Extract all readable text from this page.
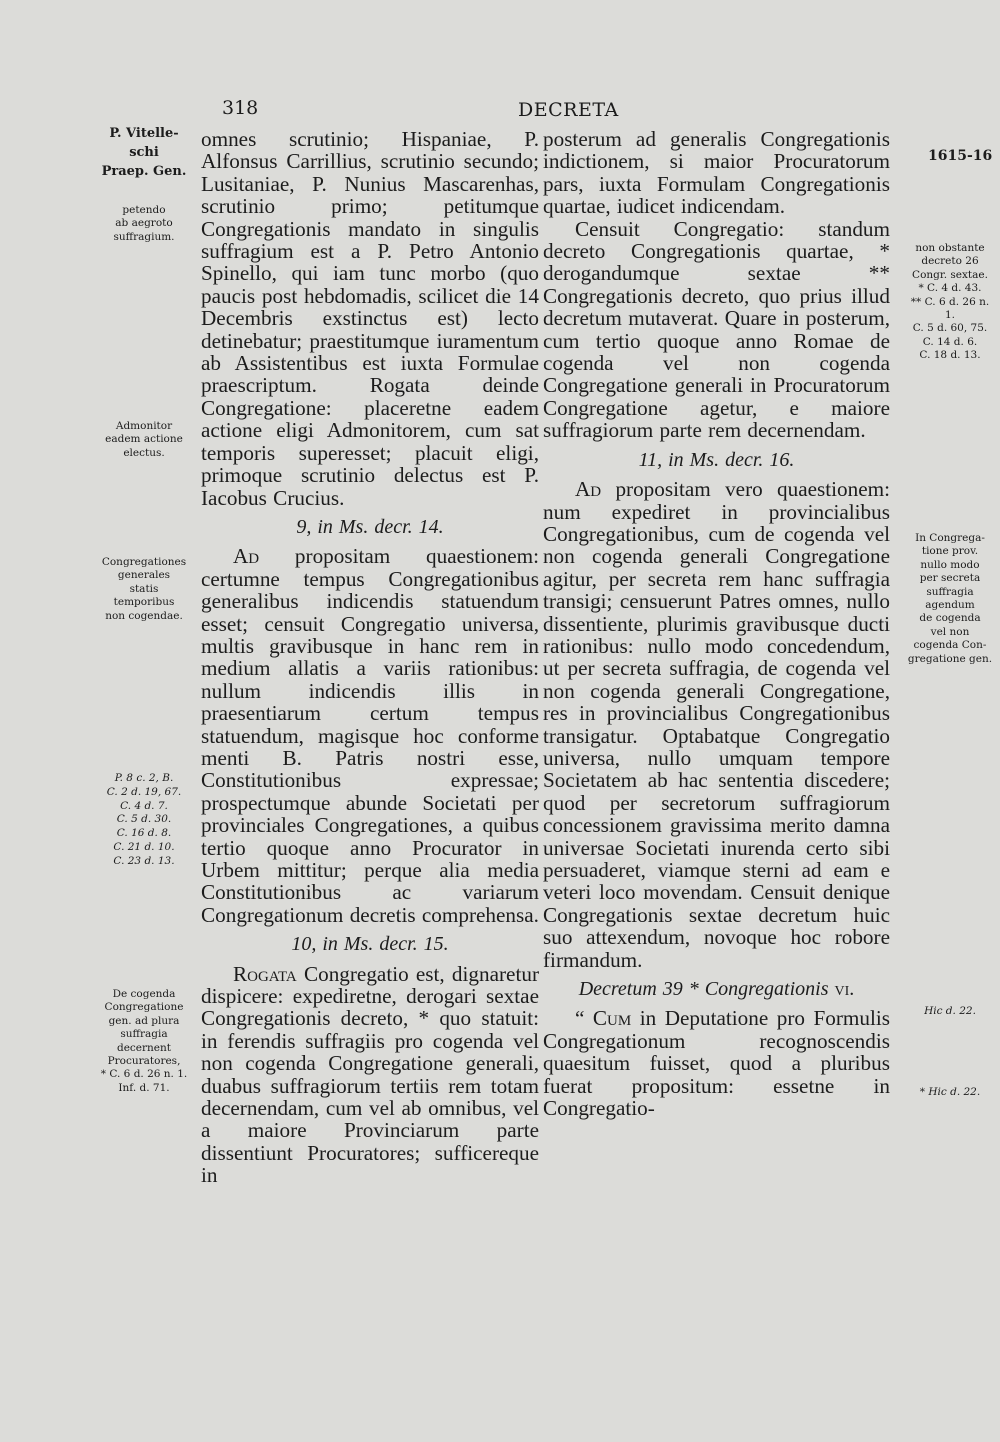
318	DECRETA
P. Vitelle-
schi
Praep. Gen.
petendo
ab aegroto
suffragium.
Admonitor
eadem actione
electus.
Congregationes
generales
statis
temporibus
non cogendae.
P. 8 c. 2, B.
C. 2 d. 19, 67.
C. 4 d. 7.
C. 5 d. 30.
C. 16 d. 8.
C. 21 d. 10.
C. 23 d. 13.
De cogenda
Congregatione
gen. ad plura
suffragia
decernent
Procuratores,
* C. 6 d. 26 n. 1.
Inf. d. 71.
1615-16
non obstante
decreto 26
Congr. sextae.
* C. 4 d. 43.
** C. 6 d. 26 n. 1.
C. 5 d. 60, 75.
C. 14 d. 6.
C. 18 d. 13.
In Congrega-
tione prov.
nullo modo
per secreta
suffragia
agendum
de cogenda
vel non
cogenda Con-
gregatione gen.
Hic d. 22.
* Hic d. 22.

omnes scrutinio; Hispaniae, P. Alfonsus Carrillius, scrutinio secundo; Lusitaniae, P. Nunius Mascarenhas, scrutinio primo; petitumque Congregationis mandato in singulis suffragium est a P. Petro Antonio Spinello, qui iam tunc morbo (quo paucis post hebdomadis, scilicet die 14 Decembris exstinctus est) lecto detinebatur; praestitumque iuramentum ab Assistentibus est iuxta Formulae praescriptum. Rogata deinde Congregatione: placeretne eadem actione eligi Admonitorem, cum sat temporis superesset; placuit eligi, primoque scrutinio delectus est P. Iacobus Crucius.

9, in Ms. decr. 14.

Ad propositam quaestionem: certumne tempus Congregationibus generalibus indicendis statuendum esset; censuit Congregatio universa, multis gravibusque in hanc rem in medium allatis a variis rationibus: nullum indicendis illis in praesentiarum certum tempus statuendum, magisque hoc conforme menti B. Patris nostri esse, Constitutionibus expressae; prospectumque abunde Societati per provinciales Congregationes, a quibus tertio quoque anno Procurator in Urbem mittitur; perque alia media Constitutionibus ac variarum Congregationum decretis comprehensa.

10, in Ms. decr. 15.

Rogata Congregatio est, dignaretur dispicere: expediretne, derogari sextae Congregationis decreto, * quo statuit: in ferendis suffragiis pro cogenda vel non cogenda Congregatione generali, duabus suffragiorum tertiis rem totam decernendam, cum vel ab omnibus, vel a maiore Provinciarum parte dissentiunt Procuratores; sufficereque in

posterum ad generalis Congregationis indictionem, si maior Procuratorum pars, iuxta Formulam Congregationis quartae, iudicet indicendam.

Censuit Congregatio: standum decreto Congregationis quartae, * derogandumque sextae ** Congregationis decreto, quo prius illud decretum mutaverat. Quare in posterum, cum tertio quoque anno Romae de cogenda vel non cogenda Congregatione generali in Procuratorum Congregatione agetur, e maiore suffragiorum parte rem decernendam.

11, in Ms. decr. 16.

Ad propositam vero quaestionem: num expediret in provincialibus Congregationibus, cum de cogenda vel non cogenda generali Congregatione agitur, per secreta rem hanc suffragia transigi; censuerunt Patres omnes, nullo dissentiente, plurimis gravibusque ducti rationibus: nullo modo concedendum, ut per secreta suffragia, de cogenda vel non cogenda generali Congregatione, res in provincialibus Congregationibus transigatur. Optabatque Congregatio universa, nullo umquam tempore Societatem ab hac sententia discedere; quod per secretorum suffragiorum concessionem gravissima merito damna universae Societati inurenda certo sibi persuaderet, viamque sterni ad eam e veteri loco movendam. Censuit denique Congregationis sextae decretum huic suo attexendum, novoque hoc robore firmandum.

Decretum 39 * Congregationis vi.

“ Cum in Deputatione pro Formulis Congregationum recognoscendis quaesitum fuisset, quod a pluribus fuerat propositum: essetne in Congregatio-
